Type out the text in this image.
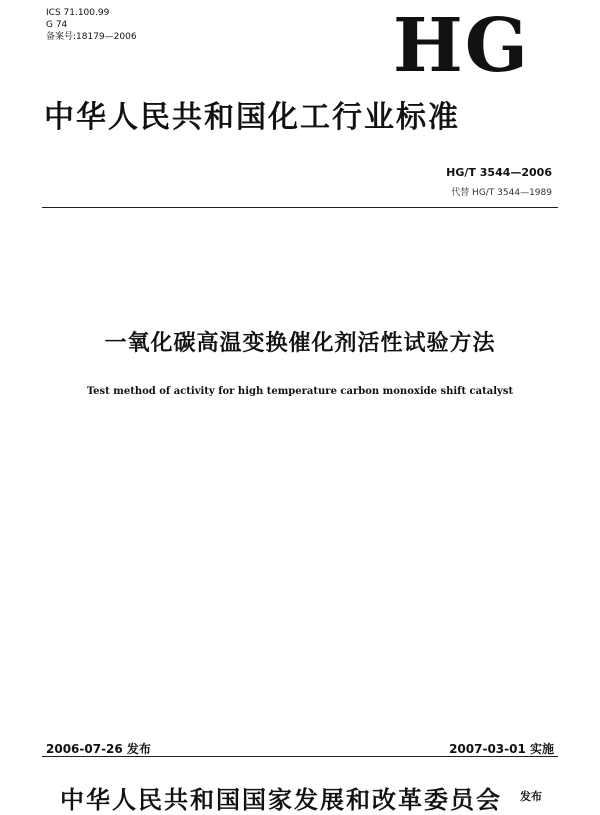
ICS 71.100.99
G 74
备案号:18179—2006	HG
中华人民共和国化工行业标准
HG/T 3544—2006
代替 HG/T 3544—1989
一氧化碳高温变换催化剂活性试验方法
Test method of activity for high temperature carbon monoxide shift catalyst
2006-07-26 发布	2007-03-01 实施
中华人民共和国国家发展和改革委员会 发布
